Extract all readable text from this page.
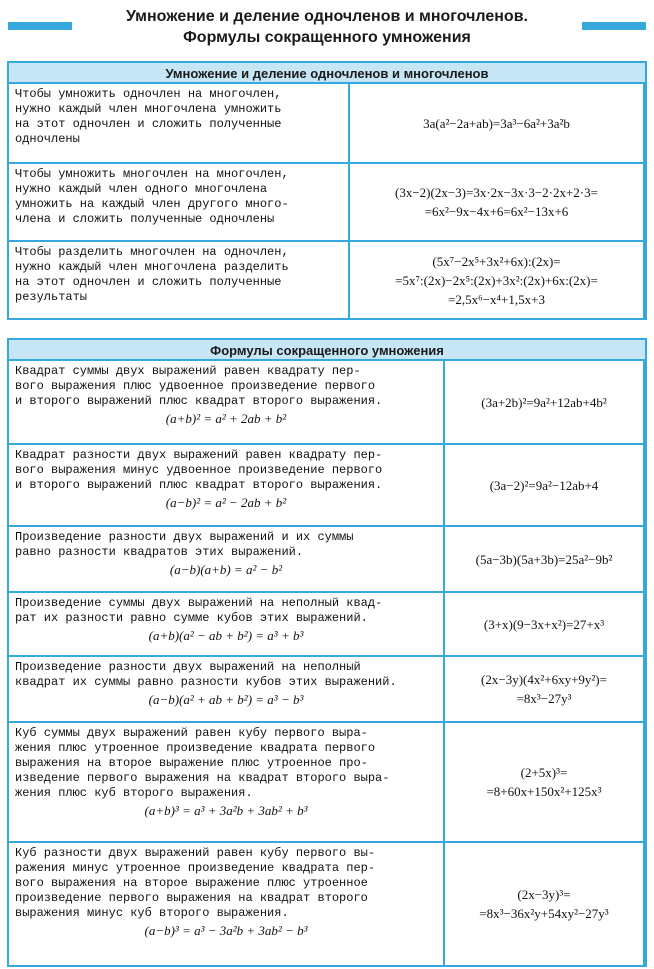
Умножение и деление одночленов и многочленов.
Формулы сокращенного умножения
Умножение и деление одночленов и многочленов
Чтобы умножить одночлен на многочлен,
нужно каждый член многочлена умножить
на этот одночлен и сложить полученные
одночлены
3a(a²−2a+ab)=3a³−6a²+3a²b
Чтобы умножить многочлен на многочлен,
нужно каждый член одного многочлена
умножить на каждый член другого много-
члена и сложить полученные одночлены
(3x−2)(2x−3)=3x·2x−3x·3−2·2x+2·3=
=6x²−9x−4x+6=6x²−13x+6
Чтобы разделить многочлен на одночлен,
нужно каждый член многочлена разделить
на этот одночлен и сложить полученные
результаты
(5x⁷−2x⁵+3x²+6x):(2x)=
=5x⁷:(2x)−2x⁵:(2x)+3x²:(2x)+6x:(2x)=
=2,5x⁶−x⁴+1,5x+3
Формулы сокращенного умножения
Квадрат суммы двух выражений равен квадрату пер-
вого выражения плюс удвоенное произведение первого
и второго выражений плюс квадрат второго выражения.
(a+b)² = a² + 2ab + b²
(3a+2b)²=9a²+12ab+4b²
Квадрат разности двух выражений равен квадрату пер-
вого выражения минус удвоенное произведение первого
и второго выражений плюс квадрат второго выражения.
(a−b)² = a² − 2ab + b²
(3a−2)²=9a²−12ab+4
Произведение разности двух выражений и их суммы
равно разности квадратов этих выражений.
(a−b)(a+b) = a² − b²
(5a−3b)(5a+3b)=25a²−9b²
Произведение суммы двух выражений на неполный квад-
рат их разности равно сумме кубов этих выражений.
(a+b)(a² − ab + b²) = a³ + b³
(3+x)(9−3x+x²)=27+x³
Произведение разности двух выражений на неполный
квадрат их суммы равно разности кубов этих выражений.
(a−b)(a² + ab + b²) = a³ − b³
(2x−3y)(4x²+6xy+9y²)=
=8x³−27y³
Куб суммы двух выражений равен кубу первого выра-
жения плюс утроенное произведение квадрата первого
выражения на второе выражение плюс утроенное про-
изведение первого выражения на квадрат второго выра-
жения плюс куб второго выражения.
(a+b)³ = a³ + 3a²b + 3ab² + b³
(2+5x)³=
=8+60x+150x²+125x³
Куб разности двух выражений равен кубу первого вы-
ражения минус утроенное произведение квадрата пер-
вого выражения на второе выражение плюс утроенное
произведение первого выражения на квадрат второго
выражения минус куб второго выражения.
(a−b)³ = a³ − 3a²b + 3ab² − b³
(2x−3y)³=
=8x³−36x²y+54xy²−27y³
